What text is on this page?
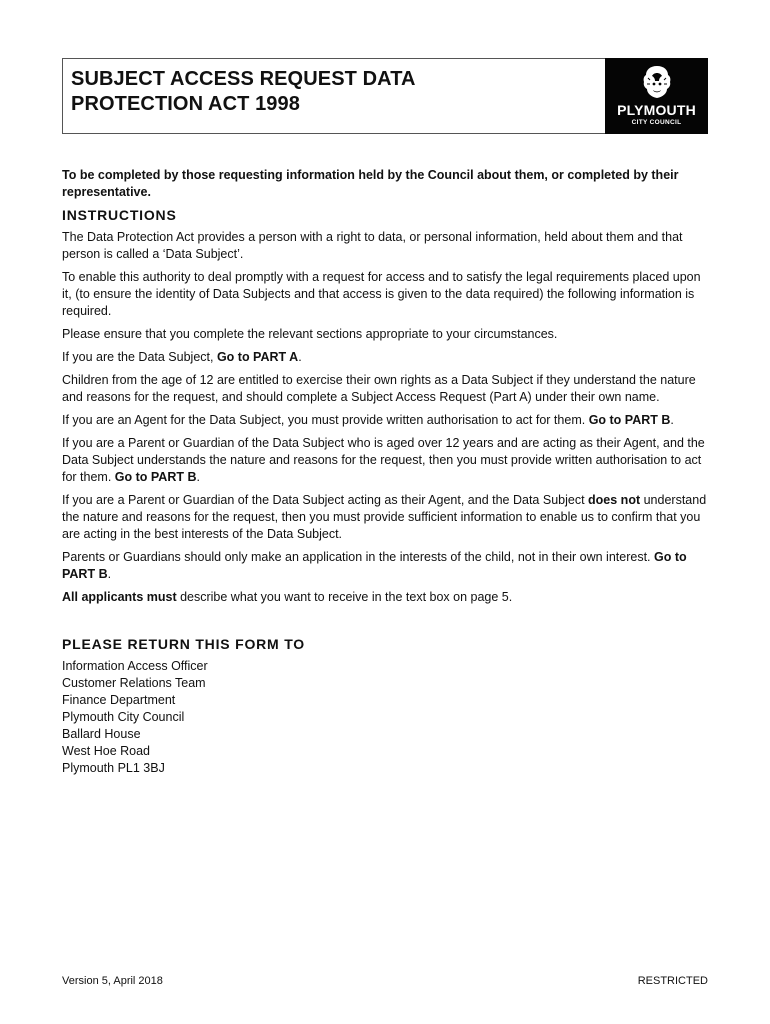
SUBJECT ACCESS REQUEST DATA
PROTECTION ACT 1998	PLYMOUTH
CITY COUNCIL

To be completed by those requesting information held by the Council about them, or completed by their representative.

INSTRUCTIONS

The Data Protection Act provides a person with a right to data, or personal information, held about them and that person is called a ‘Data Subject’.

To enable this authority to deal promptly with a request for access and to satisfy the legal requirements placed upon it, (to ensure the identity of Data Subjects and that access is given to the data required) the following information is required.

Please ensure that you complete the relevant sections appropriate to your circumstances.

If you are the Data Subject, Go to PART A.

Children from the age of 12 are entitled to exercise their own rights as a Data Subject if they understand the nature and reasons for the request, and should complete a Subject Access Request (Part A) under their own name.

If you are an Agent for the Data Subject, you must provide written authorisation to act for them. Go to PART B.

If you are a Parent or Guardian of the Data Subject who is aged over 12 years and are acting as their Agent, and the Data Subject understands the nature and reasons for the request, then you must provide written authorisation to act for them. Go to PART B.

If you are a Parent or Guardian of the Data Subject acting as their Agent, and the Data Subject does not understand the nature and reasons for the request, then you must provide sufficient information to enable us to confirm that you are acting in the best interests of the Data Subject.

Parents or Guardians should only make an application in the interests of the child, not in their own interest. Go to PART B.

All applicants must describe what you want to receive in the text box on page 5.

PLEASE RETURN THIS FORM TO
Information Access Officer
Customer Relations Team
Finance Department
Plymouth City Council
Ballard House
West Hoe Road
Plymouth PL1 3BJ
Version 5, April 2018	RESTRICTED
